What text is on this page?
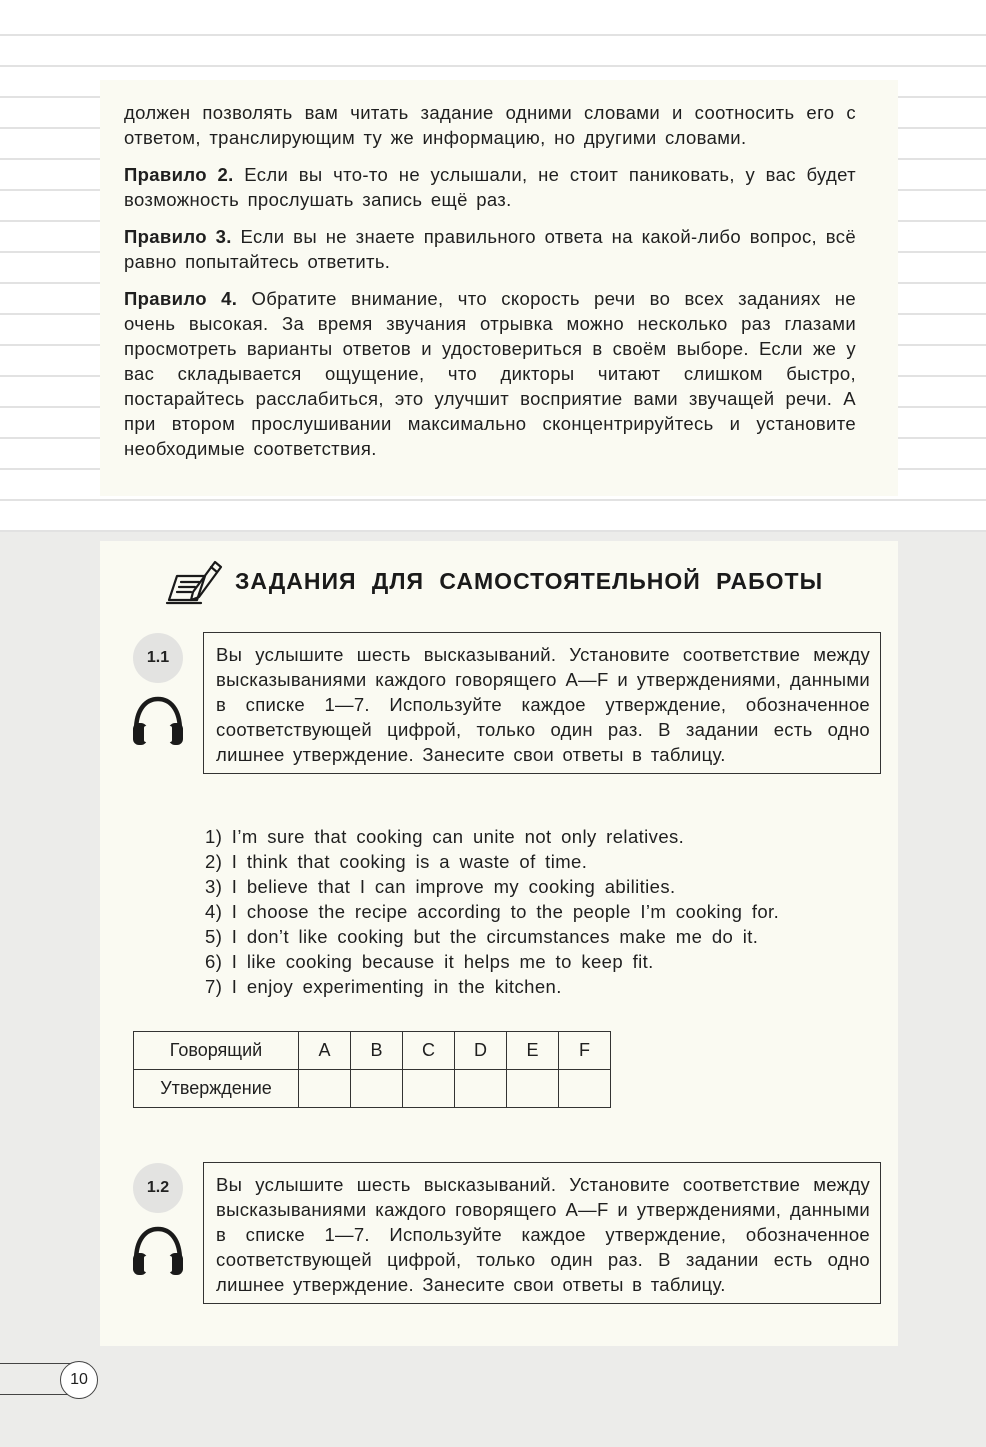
должен позволять вам читать задание одними словами и соотносить его с ответом, транслирующим ту же информацию, но другими словами.

Правило 2. Если вы что-то не услышали, не стоит паниковать, у вас будет возможность прослушать запись ещё раз.

Правило 3. Если вы не знаете правильного ответа на какой-либо вопрос, всё равно попытайтесь ответить.

Правило 4. Обратите внимание, что скорость речи во всех заданиях не очень высокая. За время звучания отрывка можно несколько раз глазами просмотреть варианты ответов и удостовериться в своём выборе. Если же у вас складывается ощущение, что дикторы читают слишком быстро, постарайтесь расслабиться, это улучшит восприятие вами звучащей речи. А при втором прослушивании максимально сконцентрируйтесь и установите необходимые соответствия.

ЗАДАНИЯ ДЛЯ САМОСТОЯТЕЛЬНОЙ РАБОТЫ
1.1	Вы услышите шесть высказываний. Установите соответствие между высказываниями каждого говорящего A—F и утверждениями, данными в списке 1—7. Используйте каждое утверждение, обозначенное соответствующей цифрой, только один раз. В задании есть одно лишнее утверждение. Занесите свои ответы в таблицу.
1) I’m sure that cooking can unite not only relatives.
2) I think that cooking is a waste of time.
3) I believe that I can improve my cooking abilities.
4) I choose the recipe according to the people I’m cooking for.
5) I don’t like cooking but the circumstances make me do it.
6) I like cooking because it helps me to keep fit.
7) I enjoy experimenting in the kitchen.
Говорящий	A	B	C	D	E	F
Утверждение						
1.2	Вы услышите шесть высказываний. Установите соответствие между высказываниями каждого говорящего A—F и утверждениями, данными в списке 1—7. Используйте каждое утверждение, обозначенное соответствующей цифрой, только один раз. В задании есть одно лишнее утверждение. Занесите свои ответы в таблицу.
10
